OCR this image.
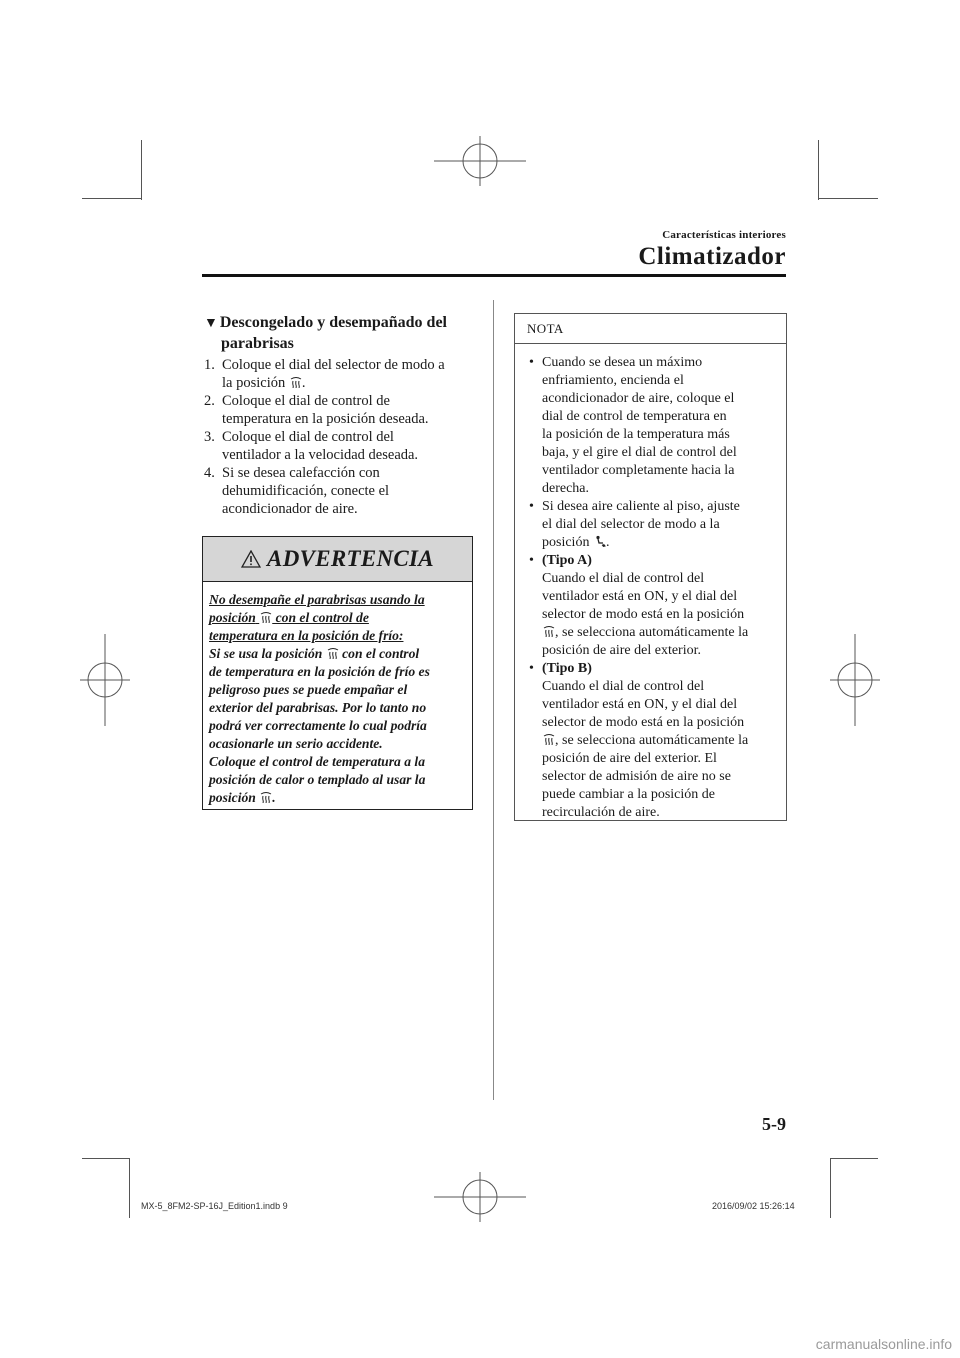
Características interiores
Climatizador
▼ Descongelado y desempañado del
parabrisas
1. Coloque el dial del selector de modo a
la posición .
2. Coloque el dial de control de
temperatura en la posición deseada.
3. Coloque el dial de control del
ventilador a la velocidad deseada.
4. Si se desea calefacción con
dehumidificación, conecte el
acondicionador de aire.
ADVERTENCIA
No desempañe el parabrisas usando la
posición  con el control de
temperatura en la posición de frío:
Si se usa la posición  con el control
de temperatura en la posición de frío es
peligroso pues se puede empañar el
exterior del parabrisas. Por lo tanto no
podrá ver correctamente lo cual podría
ocasionarle un serio accidente.
Coloque el control de temperatura a la
posición de calor o templado al usar la
posición .
NOTA
• Cuando se desea un máximo
enfriamiento, encienda el
acondicionador de aire, coloque el
dial de control de temperatura en
la posición de la temperatura más
baja, y el gire el dial de control del
ventilador completamente hacia la
derecha.
• Si desea aire caliente al piso, ajuste
el dial del selector de modo a la
posición .
• (Tipo A)
Cuando el dial de control del
ventilador está en ON, y el dial del
selector de modo está en la posición
, se selecciona automáticamente la
posición de aire del exterior.
• (Tipo B)
Cuando el dial de control del
ventilador está en ON, y el dial del
selector de modo está en la posición
, se selecciona automáticamente la
posición de aire del exterior. El
selector de admisión de aire no se
puede cambiar a la posición de
recirculación de aire.
5-9
MX-5_8FM2-SP-16J_Edition1.indb 9	2016/09/02 15:26:14
carmanualsonline.info
